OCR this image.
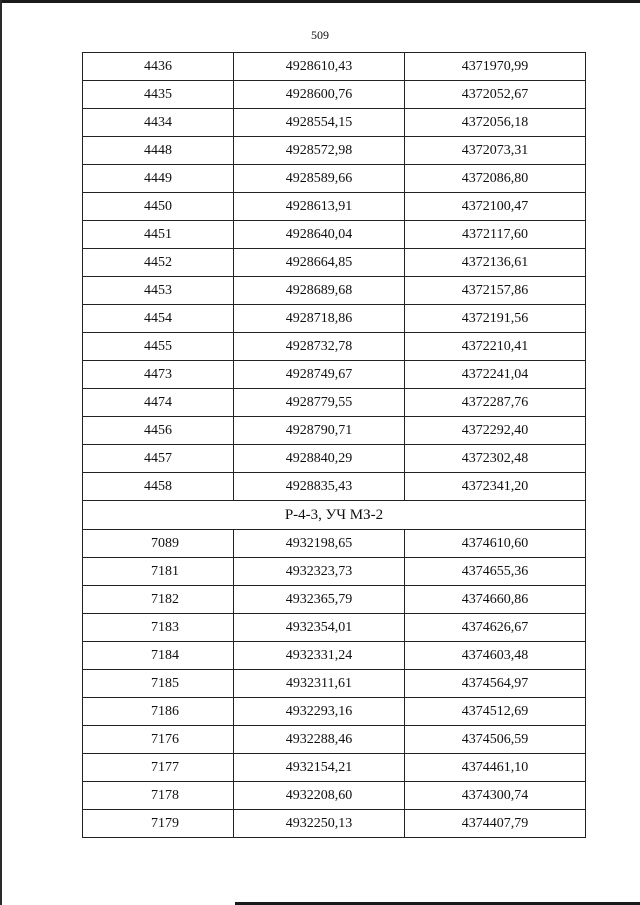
509
4436	4928610,43	4371970,99
4435	4928600,76	4372052,67
4434	4928554,15	4372056,18
4448	4928572,98	4372073,31
4449	4928589,66	4372086,80
4450	4928613,91	4372100,47
4451	4928640,04	4372117,60
4452	4928664,85	4372136,61
4453	4928689,68	4372157,86
4454	4928718,86	4372191,56
4455	4928732,78	4372210,41
4473	4928749,67	4372241,04
4474	4928779,55	4372287,76
4456	4928790,71	4372292,40
4457	4928840,29	4372302,48
4458	4928835,43	4372341,20
Р-4-3, УЧ МЗ-2		
7089	4932198,65	4374610,60
7181	4932323,73	4374655,36
7182	4932365,79	4374660,86
7183	4932354,01	4374626,67
7184	4932331,24	4374603,48
7185	4932311,61	4374564,97
7186	4932293,16	4374512,69
7176	4932288,46	4374506,59
7177	4932154,21	4374461,10
7178	4932208,60	4374300,74
7179	4932250,13	4374407,79
